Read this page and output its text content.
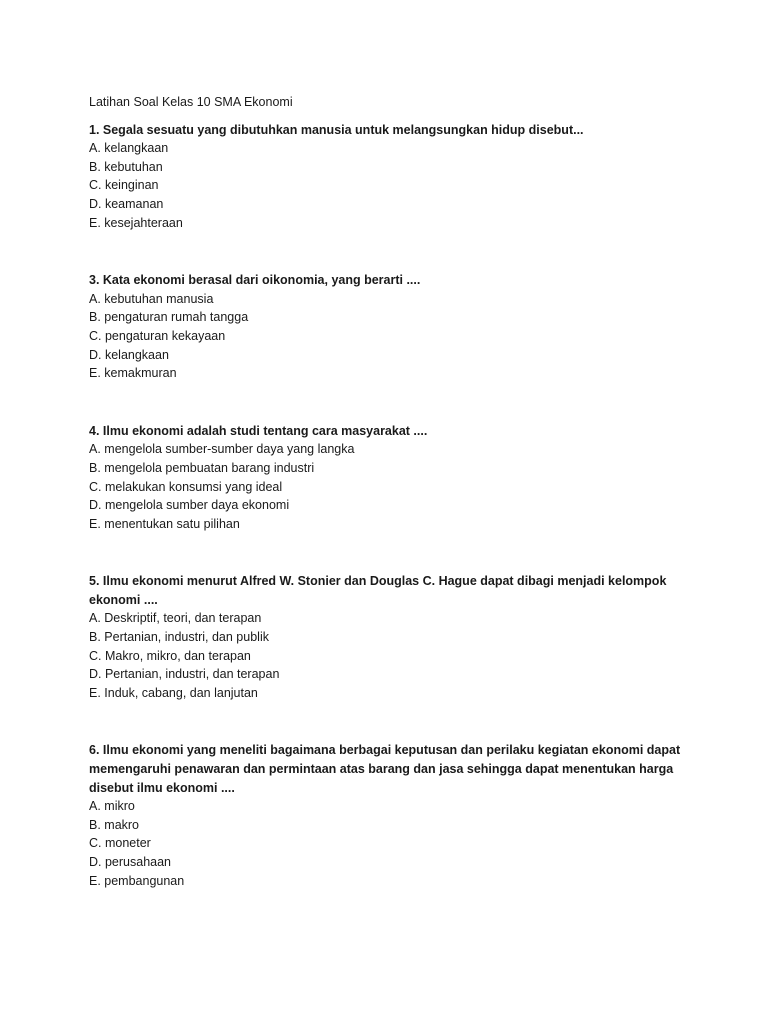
Latihan Soal Kelas 10 SMA Ekonomi
1. Segala sesuatu yang dibutuhkan manusia untuk melangsungkan hidup disebut...
A. kelangkaan
B. kebutuhan
C. keinginan
D. keamanan
E. kesejahteraan
3. Kata ekonomi berasal dari oikonomia, yang berarti ....
A. kebutuhan manusia
B. pengaturan rumah tangga
C. pengaturan kekayaan
D. kelangkaan
E. kemakmuran
4. Ilmu ekonomi adalah studi tentang cara masyarakat ....
A. mengelola sumber-sumber daya yang langka
B. mengelola pembuatan barang industri
C. melakukan konsumsi yang ideal
D. mengelola sumber daya ekonomi
E. menentukan satu pilihan
5. Ilmu ekonomi menurut Alfred W. Stonier dan Douglas C. Hague dapat dibagi menjadi kelompok ekonomi ....
A. Deskriptif, teori, dan terapan
B. Pertanian, industri, dan publik
C. Makro, mikro, dan terapan
D. Pertanian, industri, dan terapan
E. Induk, cabang, dan lanjutan
6. Ilmu ekonomi yang meneliti bagaimana berbagai keputusan dan perilaku kegiatan ekonomi dapat memengaruhi penawaran dan permintaan atas barang dan jasa sehingga dapat menentukan harga disebut ilmu ekonomi ....
A. mikro
B. makro
C. moneter
D. perusahaan
E. pembangunan
